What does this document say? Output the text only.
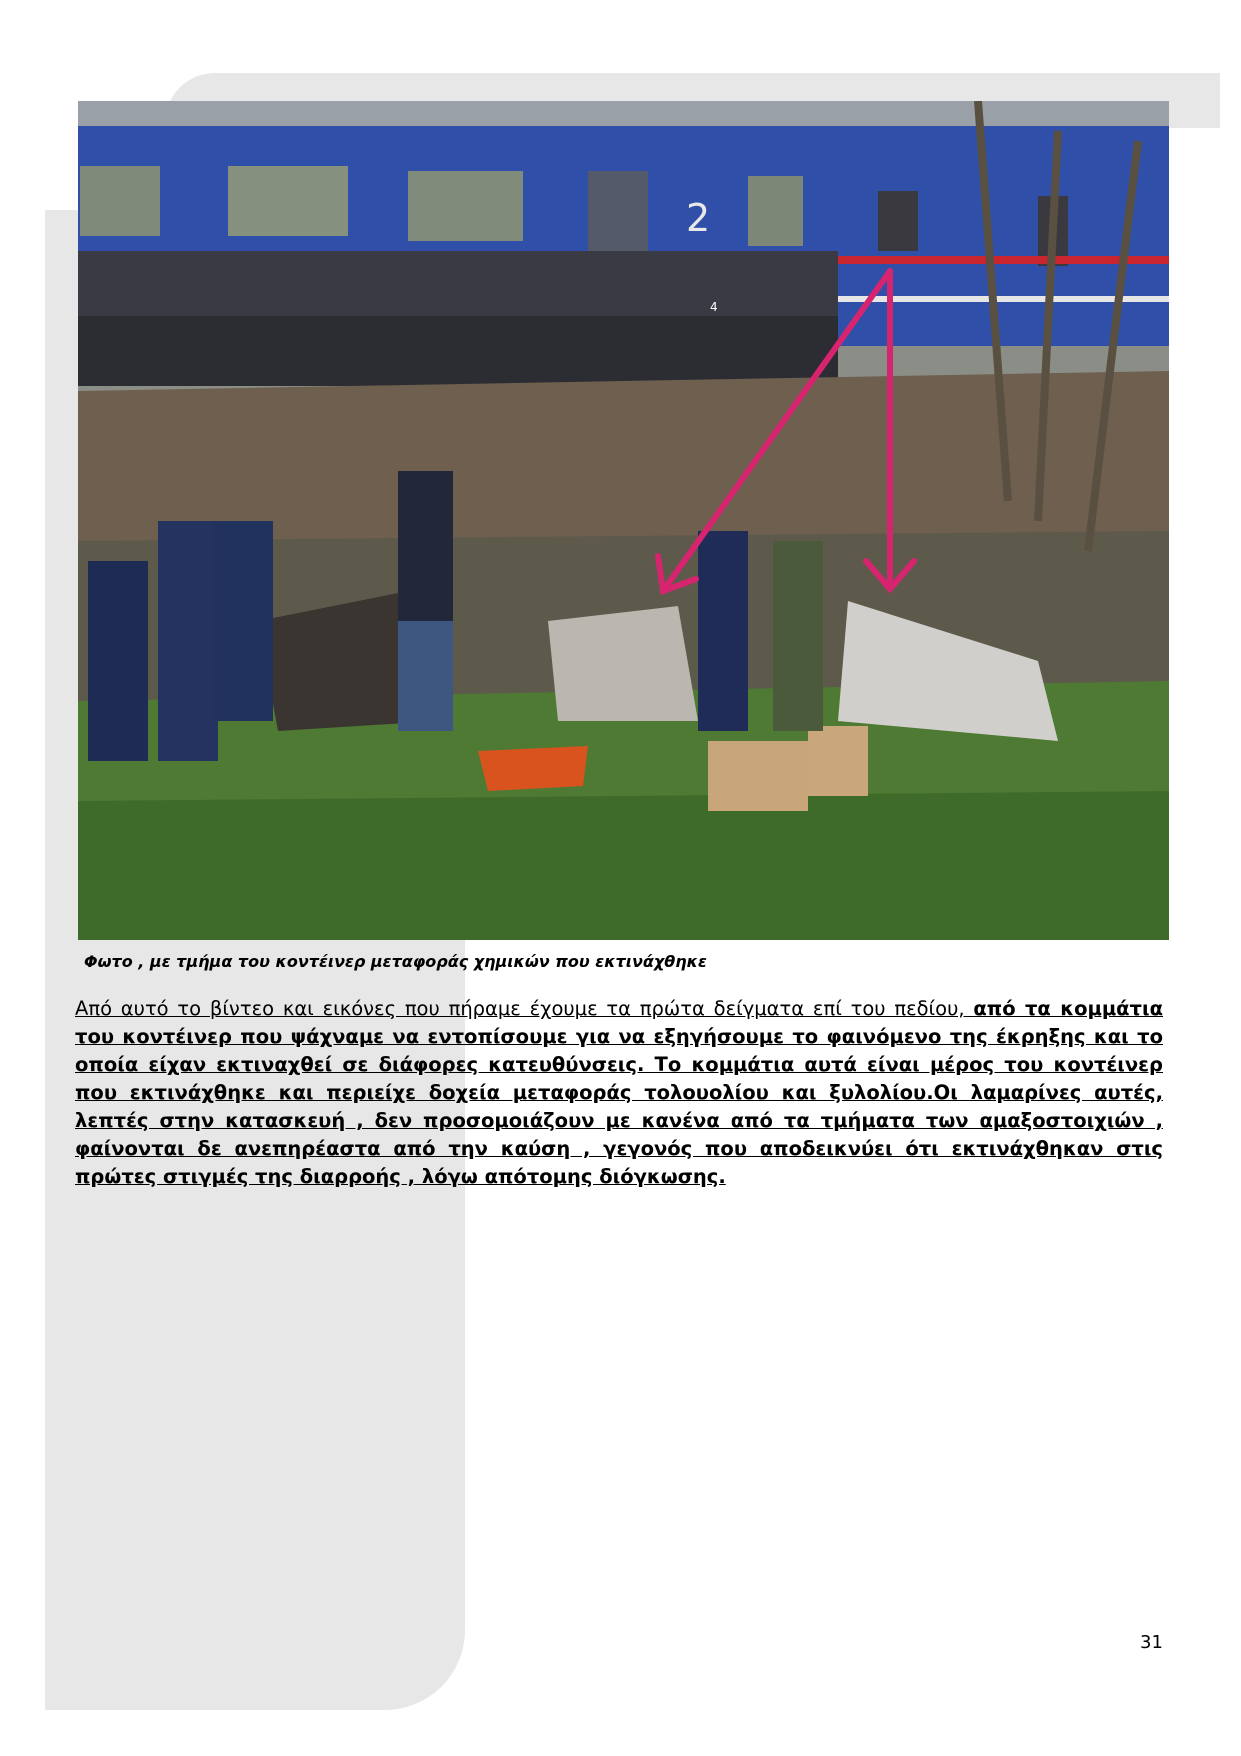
2
4
Φωτο , με τμήμα του κοντέινερ μεταφοράς χημικών που εκτινάχθηκε

Από αυτό το βίντεο και εικόνες που πήραμε έχουμε τα πρώτα δείγματα επί του πεδίου, από τα κομμάτια του κοντέινερ που ψάχναμε να εντοπίσουμε για να εξηγήσουμε το φαινόμενο της έκρηξης και το οποία είχαν εκτιναχθεί σε διάφορες κατευθύνσεις. Το κομμάτια αυτά είναι μέρος του κοντέινερ που εκτινάχθηκε και περιείχε δοχεία μεταφοράς τολουολίου και ξυλολίου.Οι λαμαρίνες αυτές, λεπτές στην κατασκευή , δεν προσομοιάζουν με κανένα από τα τμήματα των αμαξοστοιχιών , φαίνονται δε ανεπηρέαστα από την καύση , γεγονός που αποδεικνύει ότι εκτινάχθηκαν στις πρώτες στιγμές της διαρροής , λόγω απότομης διόγκωσης.

31
